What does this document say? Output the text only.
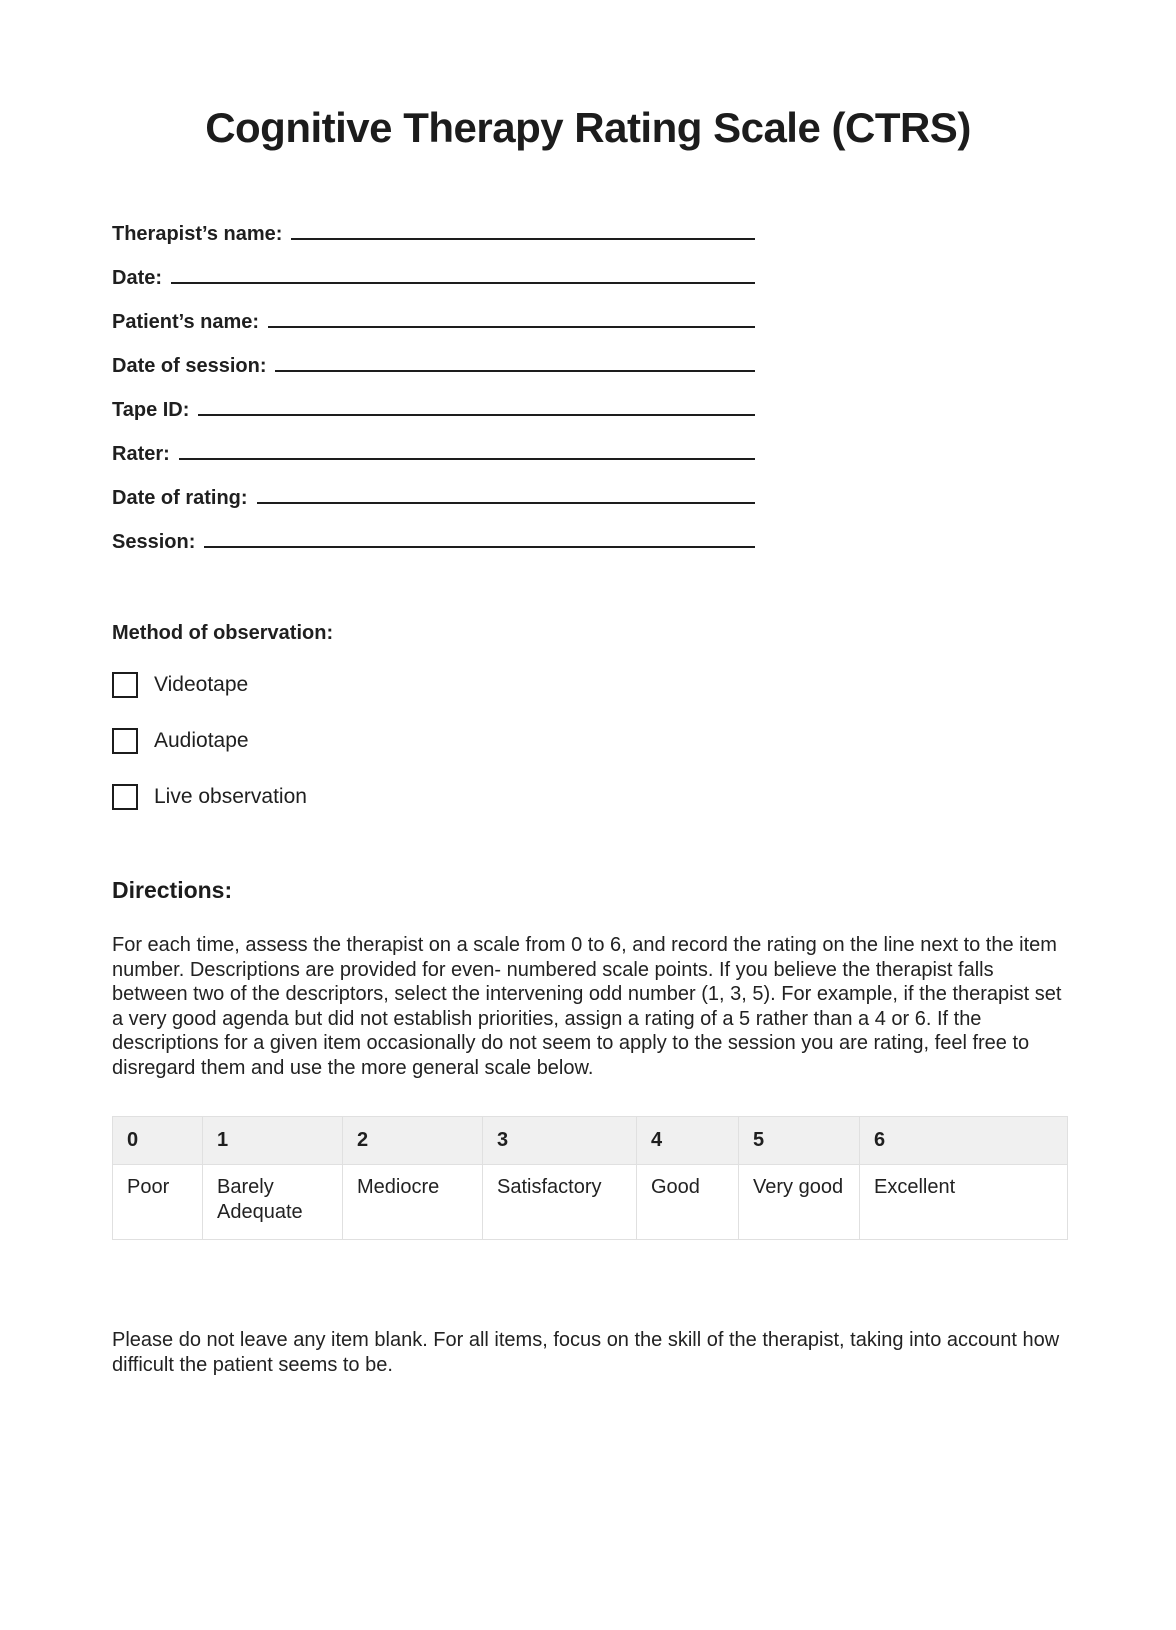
Cognitive Therapy Rating Scale (CTRS)
Therapist’s name:
Date:
Patient’s name:
Date of session:
Tape ID:
Rater:
Date of rating:
Session:
Method of observation:
Videotape
Audiotape
Live observation
Directions:

For each time, assess the therapist on a scale from 0 to 6, and record the rating on the line next to the item number. Descriptions are provided for even- numbered scale points. If you believe the therapist falls between two of the descriptors, select the intervening odd number (1, 3, 5). For example, if the therapist set a very good agenda but did not establish priorities, assign a rating of a 5 rather than a 4 or 6. If the descriptions for a given item occasionally do not seem to apply to the session you are rating, feel free to disregard them and use the more general scale below.

0	1	2	3	4	5	6
Poor	Barely Adequate	Mediocre	Satisfactory	Good	Very good	Excellent

Please do not leave any item blank. For all items, focus on the skill of the therapist, taking into account how difficult the patient seems to be.
